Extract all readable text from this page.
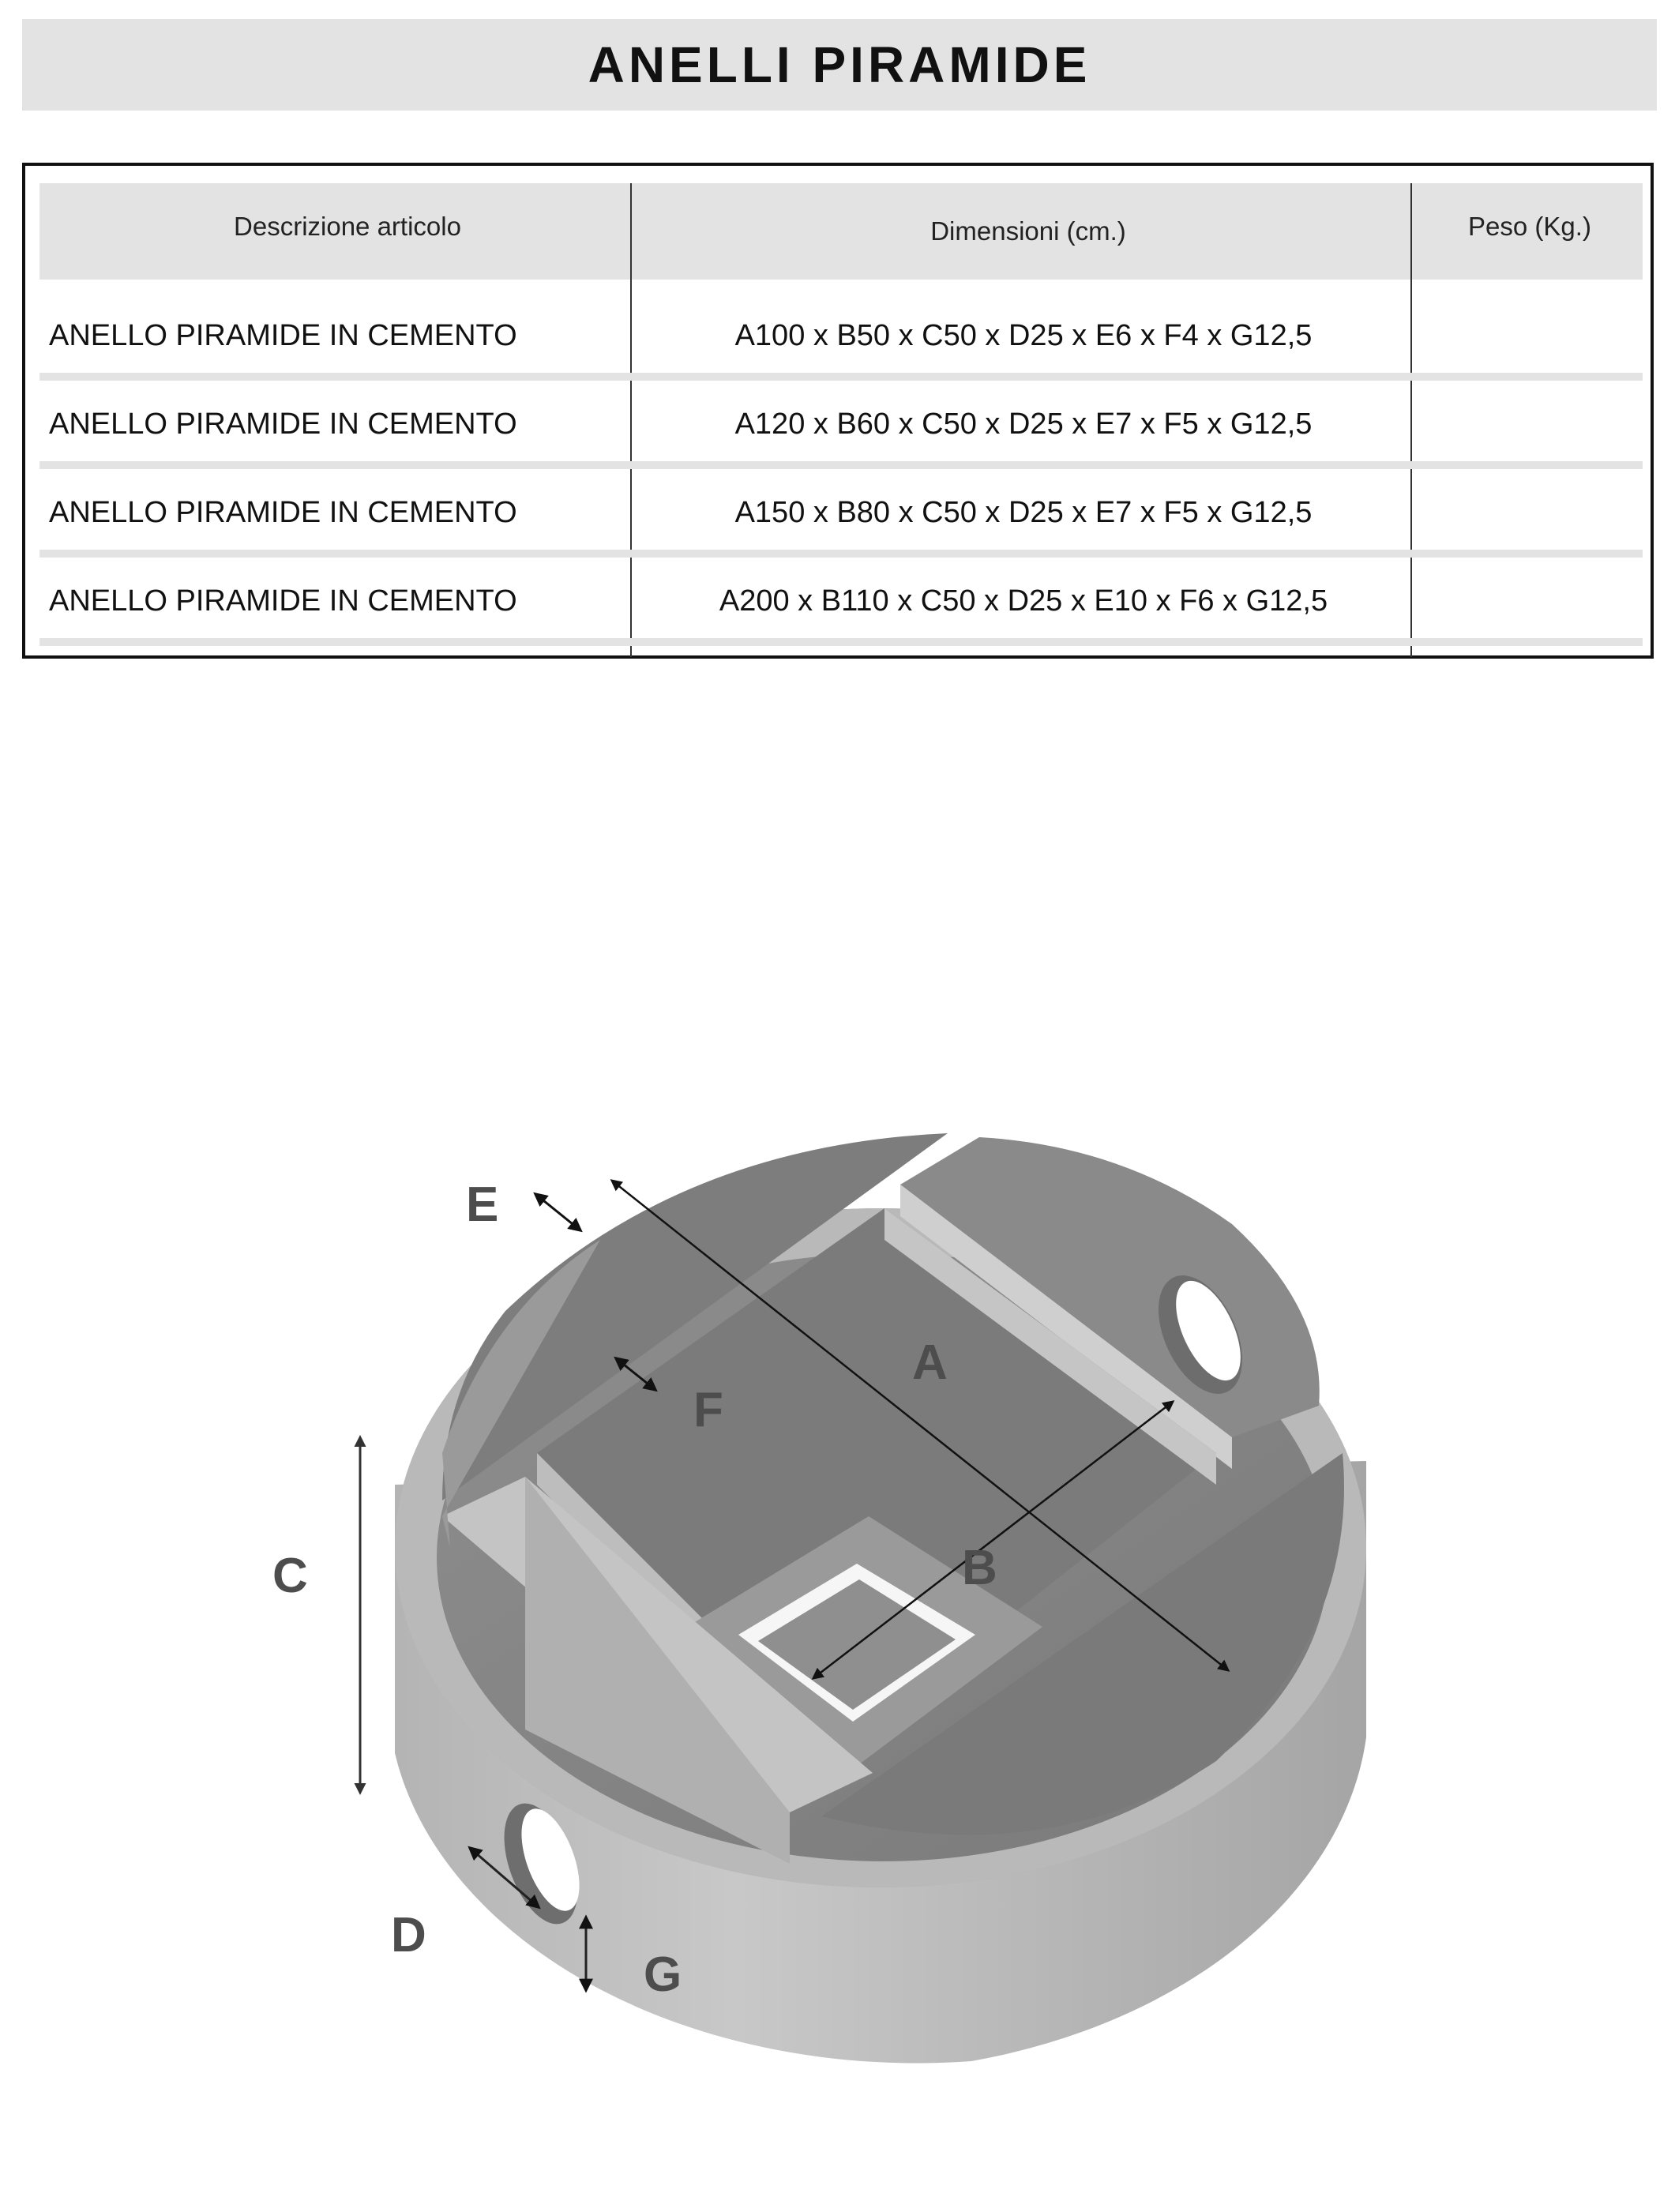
ANELLI PIRAMIDE
Descrizione articolo	Dimensioni (cm.)	Peso (Kg.)
ANELLO PIRAMIDE IN CEMENTO	A100 x B50 x C50 x D25 x E6 x F4 x G12,5
ANELLO PIRAMIDE IN CEMENTO	A120 x B60 x C50 x D25 x E7 x F5 x G12,5
ANELLO PIRAMIDE IN CEMENTO	A150 x B80 x C50 x D25 x E7 x F5 x G12,5
ANELLO PIRAMIDE IN CEMENTO	A200 x B110 x C50 x D25 x E10 x F6 x G12,5
A
B
C
D
E
F
G
